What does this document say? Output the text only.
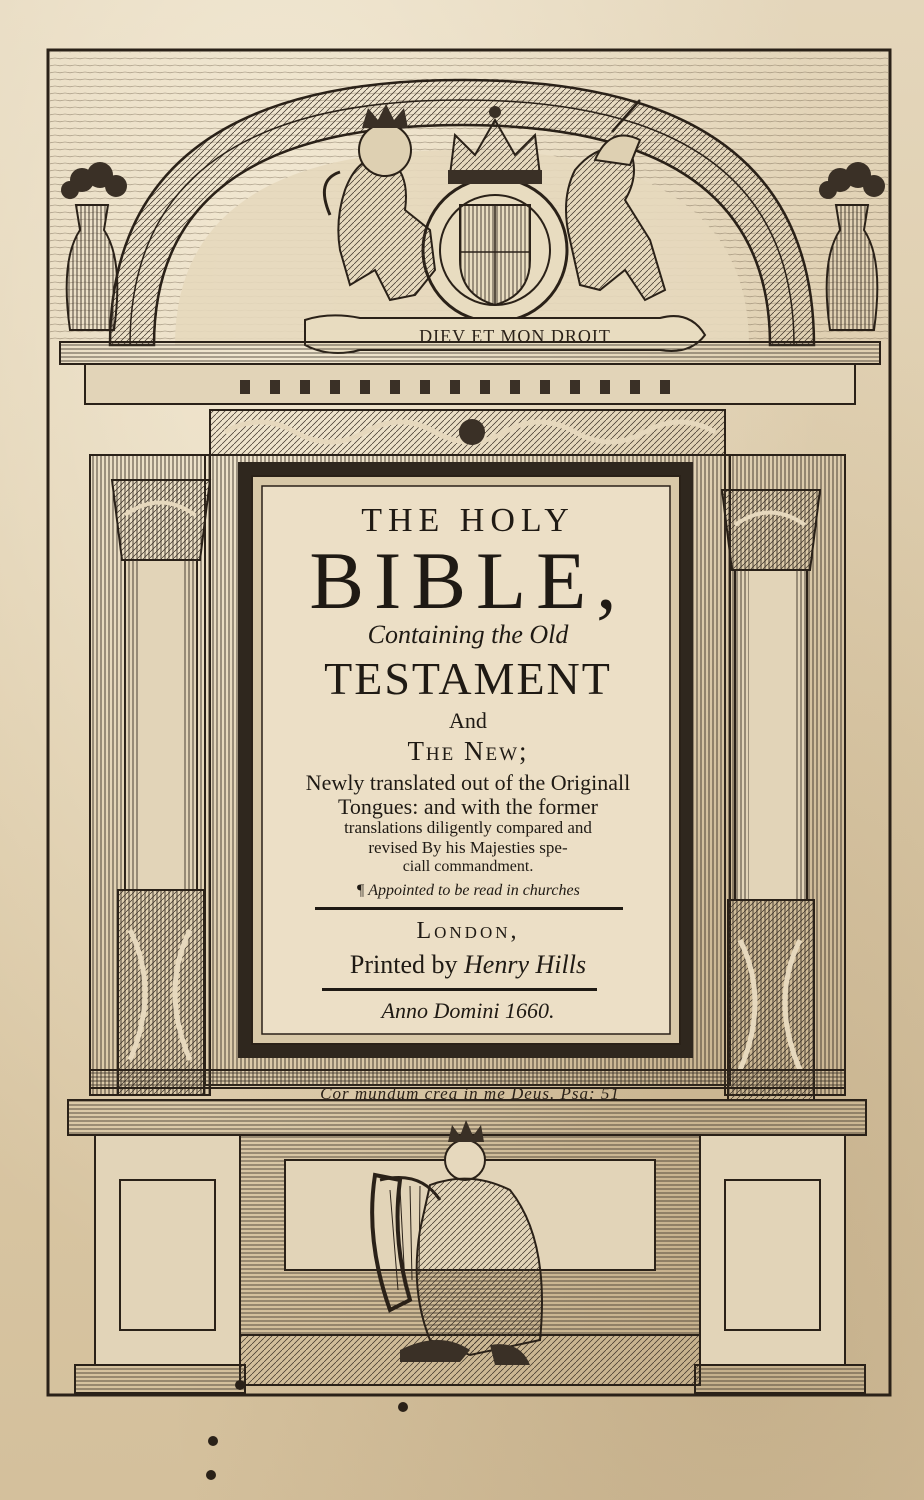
DIEV ET MON DROIT

THE HOLY

BIBLE,

Containing the Old

TESTAMENT

And

The New;

Newly translated out of the Originall

Tongues: and with the former

translations diligently compared and

revised By his Majesties spe-

ciall commandment.

¶ Appointed to be read in churches

London,

Printed by Henry Hills

Anno Domini 1660.

Cor mundum crea in me Deus. Psa: 51
